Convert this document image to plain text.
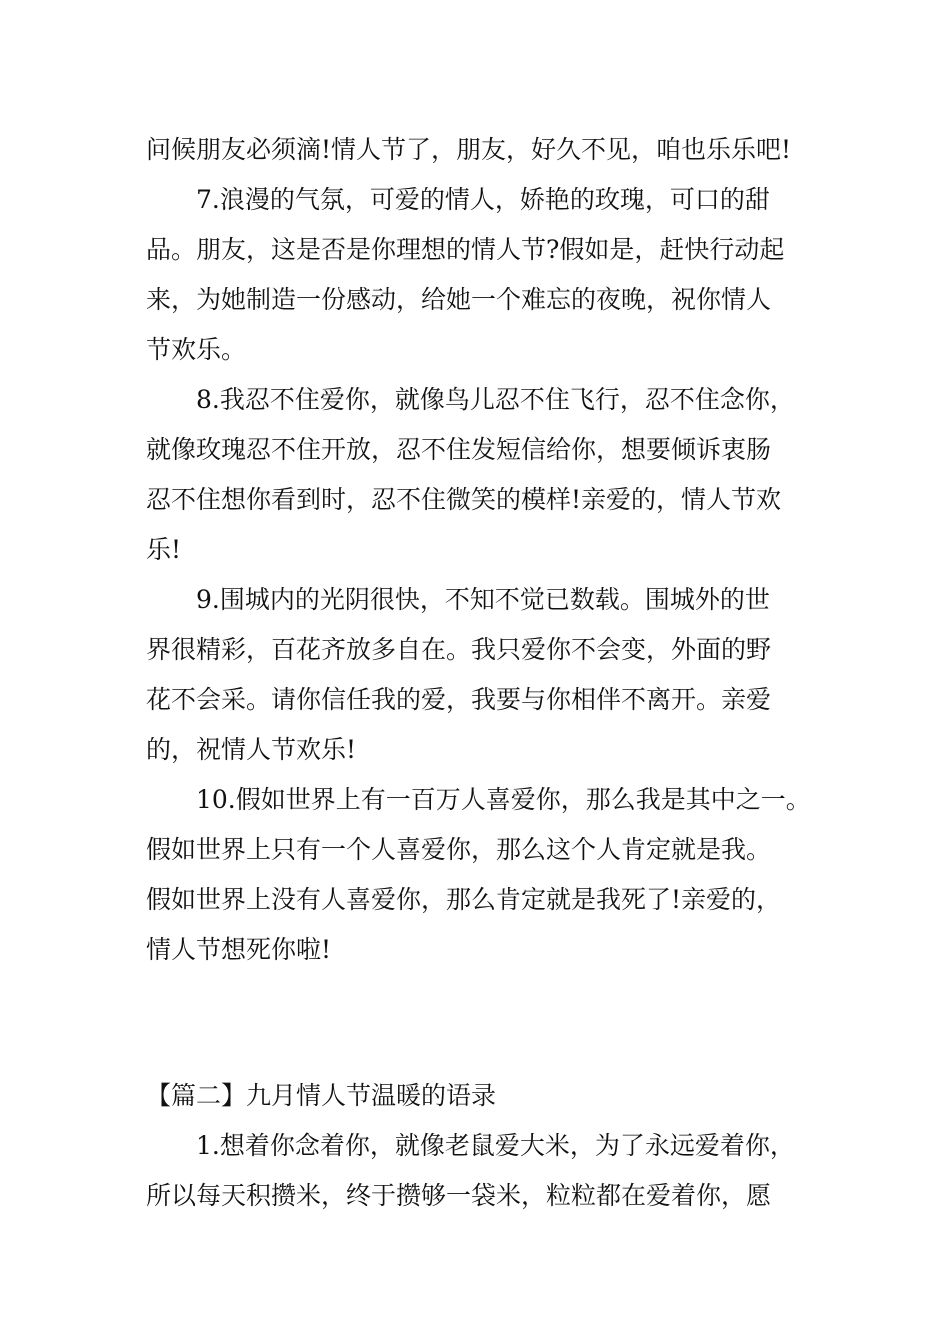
问候朋友必须滴!情人节了，朋友，好久不见，咱也乐乐吧!
7.浪漫的气氛，可爱的情人，娇艳的玫瑰，可口的甜
品。朋友，这是否是你理想的情人节?假如是，赶快行动起
来，为她制造一份感动，给她一个难忘的夜晚，祝你情人
节欢乐。
8.我忍不住爱你，就像鸟儿忍不住飞行，忍不住念你，
就像玫瑰忍不住开放，忍不住发短信给你，想要倾诉衷肠
忍不住想你看到时，忍不住微笑的模样!亲爱的，情人节欢
乐!
9.围城内的光阴很快，不知不觉已数载。围城外的世
界很精彩，百花齐放多自在。我只爱你不会变，外面的野
花不会采。请你信任我的爱，我要与你相伴不离开。亲爱
的，祝情人节欢乐!
10.假如世界上有一百万人喜爱你，那么我是其中之一。
假如世界上只有一个人喜爱你，那么这个人肯定就是我。
假如世界上没有人喜爱你，那么肯定就是我死了!亲爱的，
情人节想死你啦!
【篇二】九月情人节温暖的语录
1.想着你念着你，就像老鼠爱大米，为了永远爱着你，
所以每天积攒米，终于攒够一袋米，粒粒都在爱着你，愿
